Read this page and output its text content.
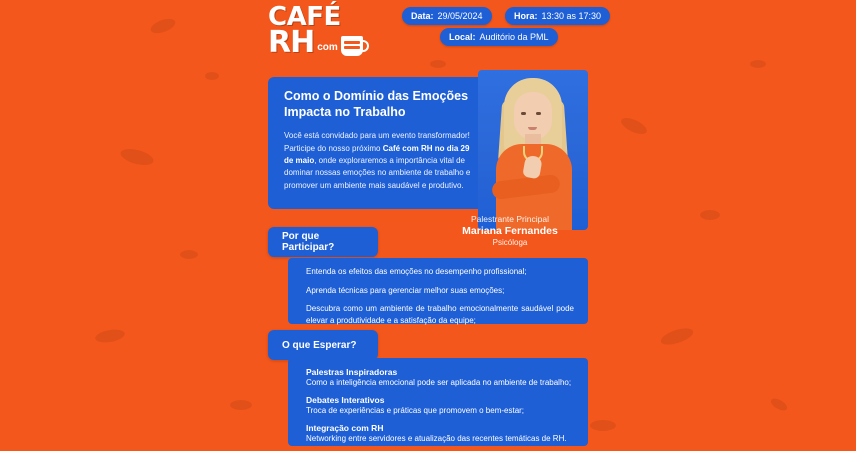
CAFÉ
RH com
Data: 29/05/2024	Hora: 13:30 as 17:30
Local: Auditório da PML
Como o Domínio das Emoções Impacta no Trabalho
Você está convidado para um evento transformador! Participe do nosso próximo Café com RH no dia 29 de maio, onde exploraremos a importância vital de dominar nossas emoções no ambiente de trabalho e promover um ambiente mais saudável e produtivo.
Palestrante Principal
Mariana Fernandes
Psicóloga
Por que Participar?
O que Esperar?
Entenda os efeitos das emoções no desempenho profissional;
Aprenda técnicas para gerenciar melhor suas emoções;
Descubra como um ambiente de trabalho emocionalmente saudável pode elevar a produtividade e a satisfação da equipe;
Palestras Inspiradoras
Como a inteligência emocional pode ser aplicada no ambiente de trabalho;
Debates Interativos
Troca de experiências e práticas que promovem o bem-estar;
Integração com RH
Networking entre servidores e atualização das recentes temáticas de RH.
